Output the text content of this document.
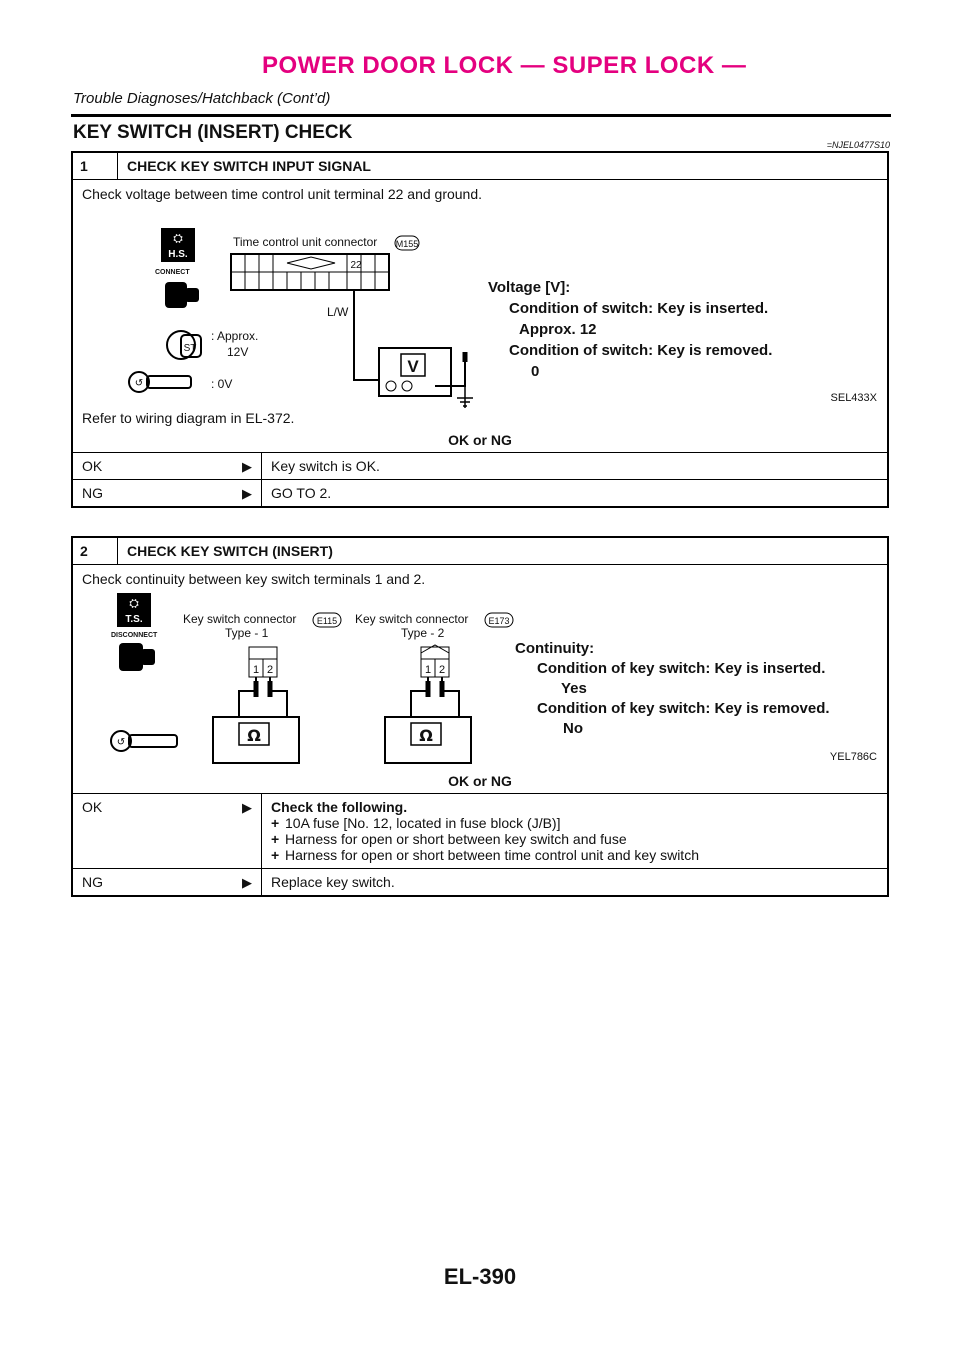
POWER DOOR LOCK — SUPER LOCK —
Trouble Diagnoses/Hatchback (Cont’d)
KEY SWITCH (INSERT) CHECK
=NJEL0477S10
1	CHECK KEY SWITCH INPUT SIGNAL
Check voltage between time control unit terminal 22 and ground.
H.S.
⛭
CONNECT
ST
: Approx.
12V
↺	: 0V
Time control unit connector M155
22
L/W
V
Voltage [V]:
Condition of switch: Key is inserted.
Approx. 12
Condition of switch: Key is removed.
0
SEL433X
Refer to wiring diagram in EL-372.
OK or NG
OK	▶	Key switch is OK.
NG	▶	GO TO 2.
2	CHECK KEY SWITCH (INSERT)
Check continuity between key switch terminals 1 and 2.
T.S.
⛭
DISCONNECT
↺
Key switch connector E115
Type - 1
1 2
Ω
Key switch connector E173
Type - 2
1 2
Ω
Continuity:
Condition of key switch: Key is inserted.
Yes
Condition of key switch: Key is removed.
No
YEL786C
OK or NG
OK	▶ Check the following.
+ 10A fuse [No. 12, located in fuse block (J/B)]
+ Harness for open or short between key switch and fuse
+ Harness for open or short between time control unit and key switch
NG	▶	Replace key switch.
EL-390
